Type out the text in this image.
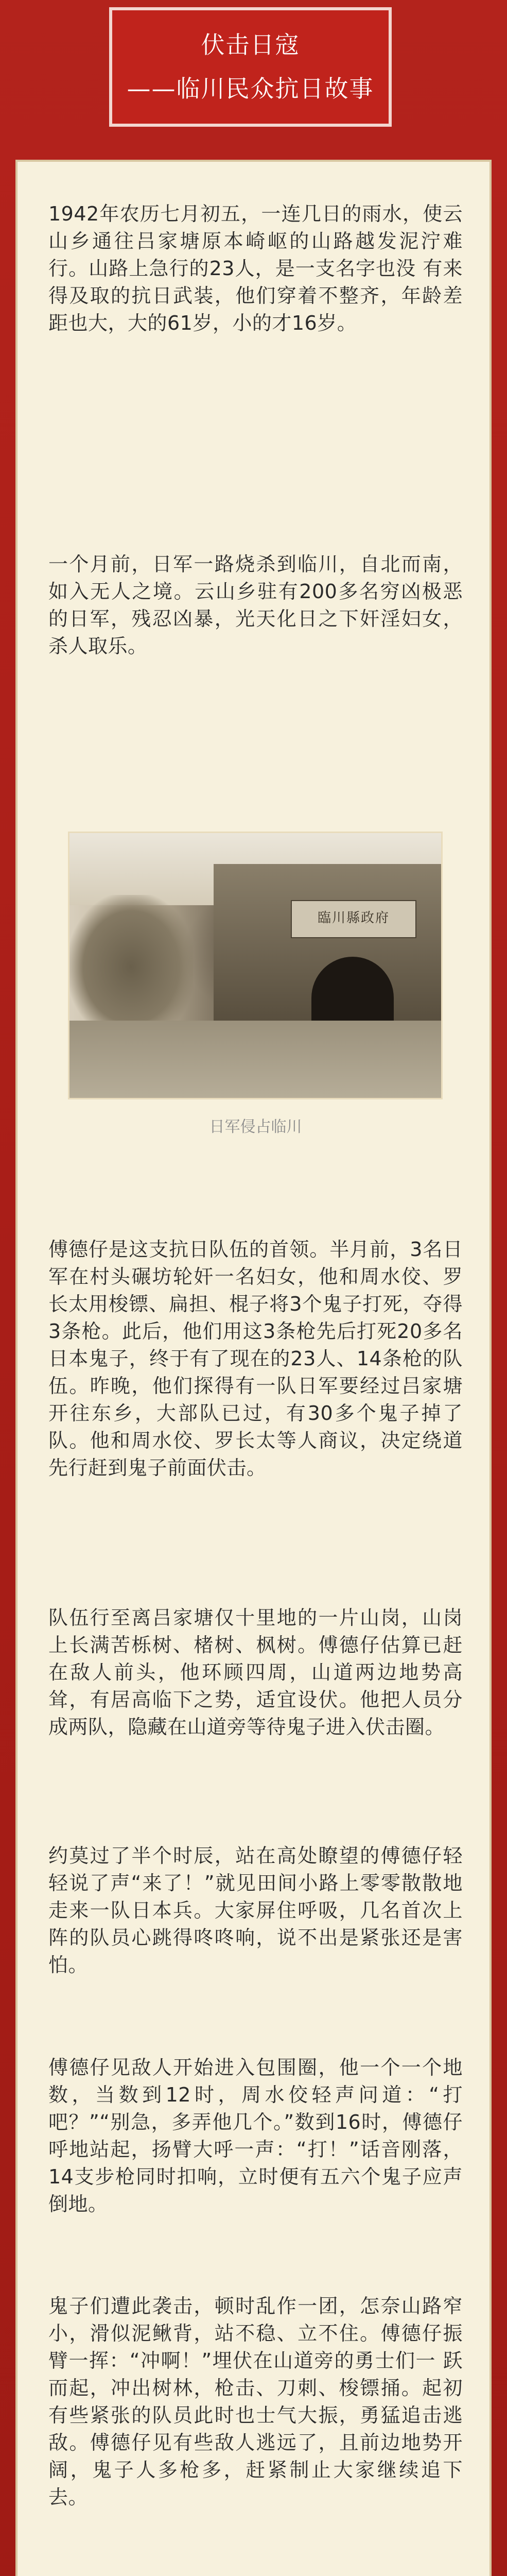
伏击日寇
——临川民众抗日故事

1942年农历七月初五，一连几日的雨水，使云山乡通往吕家塘原本崎岖的山路越发泥泞难行。山路上急行的23人，是一支名字也没 有来得及取的抗日武装，他们穿着不整齐，年龄差距也大，大的61岁，小的才16岁。

一个月前，日军一路烧杀到临川，自北而南，如入无人之境。云山乡驻有200多名穷凶极恶的日军，残忍凶暴，光天化日之下奸淫妇女，杀人取乐。

臨川縣政府

日军侵占临川

傅德仔是这支抗日队伍的首领。半月前，3名日军在村头碾坊轮奸一名妇女，他和周水佼、罗长太用梭镖、扁担、棍子将3个鬼子打死，夺得3条枪。此后，他们用这3条枪先后打死20多名日本鬼子，终于有了现在的23人、14条枪的队伍。昨晚，他们探得有一队日军要经过吕家塘开往东乡，大部队已过，有30多个鬼子掉了队。他和周水佼、罗长太等人商议，决定绕道先行赶到鬼子前面伏击。

队伍行至离吕家塘仅十里地的一片山岗，山岗上长满苦栎树、楮树、枫树。傅德仔估算已赶在敌人前头，他环顾四周，山道两边地势高耸，有居高临下之势，适宜设伏。他把人员分成两队，隐藏在山道旁等待鬼子进入伏击圈。

约莫过了半个时辰，站在高处瞭望的傅德仔轻轻说了声“来了！”就见田间小路上零零散散地走来一队日本兵。大家屏住呼吸，几名首次上阵的队员心跳得咚咚响，说不出是紧张还是害怕。

傅德仔见敌人开始进入包围圈，他一个一个地数，当数到12时，周水佼轻声问道：“打吧？”“别急，多弄他几个。”数到16时，傅德仔呼地站起，扬臂大呼一声：“打！”话音刚落，14支步枪同时扣响，立时便有五六个鬼子应声倒地。

鬼子们遭此袭击，顿时乱作一团，怎奈山路窄小，滑似泥鳅背，站不稳、立不住。傅德仔振臂一挥：“冲啊！”埋伏在山道旁的勇士们一 跃而起，冲出树林，枪击、刀刺、梭镖捅。起初有些紧张的队员此时也士气大振，勇猛追击逃敌。傅德仔见有些敌人逃远了，且前边地势开阔，鬼子人多枪多，赶紧制止大家继续追下去。
